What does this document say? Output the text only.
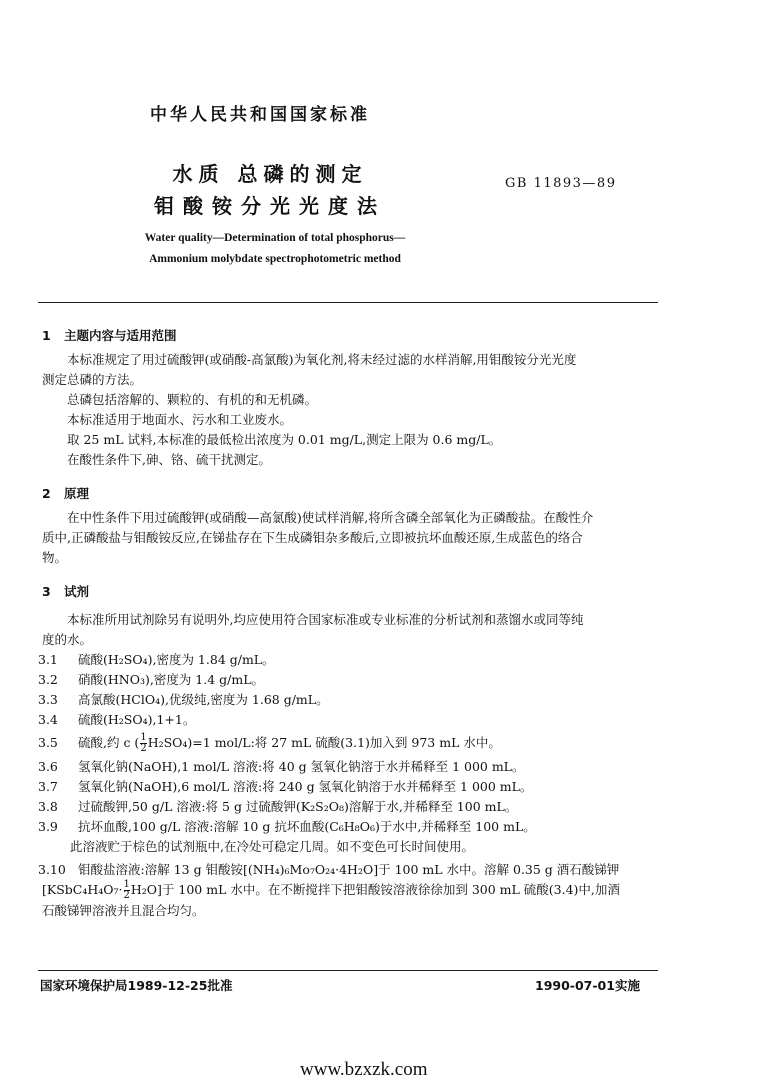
中华人民共和国国家标准
水质 总磷的测定
钼酸铵分光光度法
GB 11893—89
Water quality—Determination of total phosphorus—
Ammonium molybdate spectrophotometric method

1 主题内容与适用范围

本标准规定了用过硫酸钾(或硝酸-高氯酸)为氧化剂,将未经过滤的水样消解,用钼酸铵分光光度

测定总磷的方法。

总磷包括溶解的、颗粒的、有机的和无机磷。

本标准适用于地面水、污水和工业废水。

取 25 mL 试料,本标准的最低检出浓度为 0.01 mg/L,测定上限为 0.6 mg/L。

在酸性条件下,砷、铬、硫干扰测定。

2 原理

在中性条件下用过硫酸钾(或硝酸—高氯酸)使试样消解,将所含磷全部氧化为正磷酸盐。在酸性介

质中,正磷酸盐与钼酸铵反应,在锑盐存在下生成磷钼杂多酸后,立即被抗坏血酸还原,生成蓝色的络合

物。

3 试剂

本标准所用试剂除另有说明外,均应使用符合国家标准或专业标准的分析试剂和蒸馏水或同等纯

度的水。

3.1	硫酸(H₂SO₄),密度为 1.84 g/mL。

3.2	硝酸(HNO₃),密度为 1.4 g/mL。

3.3	高氯酸(HClO₄),优级纯,密度为 1.68 g/mL。

3.4	硫酸(H₂SO₄),1+1。

3.5	硫酸,约 c ( $\frac{1}{2} H_2SO_4)=1$ mol/L:将 27 mL 硫酸(3.1)加入到 973 mL 水中。

3.6	氢氧化钠(NaOH),1 mol/L 溶液:将 40 g 氢氧化钠溶于水并稀释至 1 000 mL。

3.7	氢氧化钠(NaOH),6 mol/L 溶液:将 240 g 氢氧化钠溶于水并稀释至 1 000 mL。

3.8	过硫酸钾,50 g/L 溶液:将 5 g 过硫酸钾(K₂S₂O₈)溶解于水,并稀释至 100 mL。

3.9	抗坏血酸,100 g/L 溶液:溶解 10 g 抗坏血酸(C₆H₈O₆)于水中,并稀释至 100 mL。

此溶液贮于棕色的试剂瓶中,在冷处可稳定几周。如不变色可长时间使用。

3.10 钼酸盐溶液:溶解 13 g 钼酸铵[(NH₄)₆Mo₇O₂₄·4H₂O]于 100 mL 水中。溶解 0.35 g 酒石酸锑钾

[KSbC₄H₄O₇· $\frac{1}{2} H_2O$]于 100 mL 水中。在不断搅拌下把钼酸铵溶液徐徐加到 300 mL 硫酸(3.4)中,加酒

石酸锑钾溶液并且混合均匀。

国家环境保护局1989-12-25批准	1990-07-01实施
www.bzxzk.com
